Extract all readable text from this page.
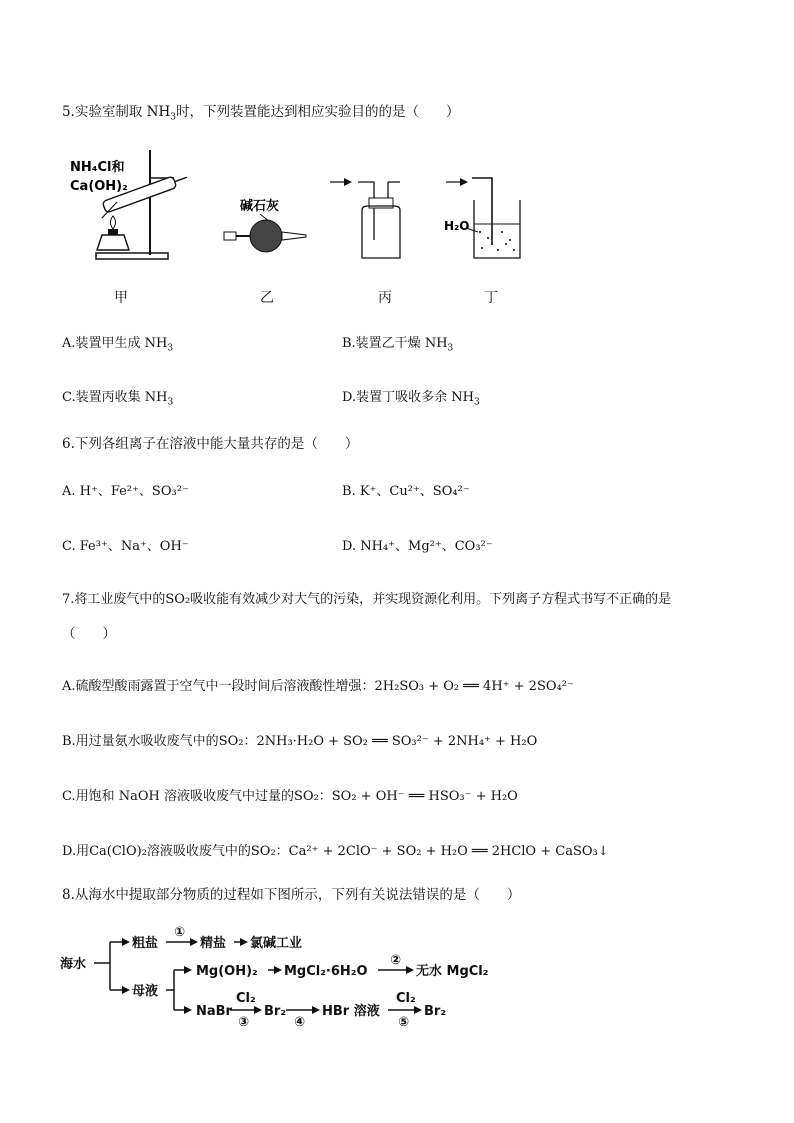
5.实验室制取 $NH_3$时，下列装置能达到相应实验目的的是（　　）
NH₄Cl和
Ca(OH)₂
碱石灰
H₂O
甲	乙	丙	丁
A.装置甲生成 $NH_3$	B.装置乙干燥 $NH_3$
C.装置丙收集 $NH_3$	D.装置丁吸收多余 $NH_3$
6.下列各组离子在溶液中能大量共存的是（　　）
A. H⁺、Fe²⁺、SO₃²⁻	B. K⁺、Cu²⁺、SO₄²⁻
C. Fe³⁺、Na⁺、OH⁻	D. NH₄⁺、Mg²⁺、CO₃²⁻
7.将工业废气中的SO₂吸收能有效减少对大气的污染，并实现资源化利用。下列离子方程式书写不正确的是
（　　）
A.硫酸型酸雨露置于空气中一段时间后溶液酸性增强：2H₂SO₃ + O₂ ══ 4H⁺ + 2SO₄²⁻
B.用过量氨水吸收废气中的SO₂：2NH₃·H₂O + SO₂ ══ SO₃²⁻ + 2NH₄⁺ + H₂O
C.用饱和 NaOH 溶液吸收废气中过量的SO₂：SO₂ + OH⁻ ══ HSO₃⁻ + H₂O
D.用Ca(ClO)₂溶液吸收废气中的SO₂：Ca²⁺ + 2ClO⁻ + SO₂ + H₂O ══ 2HClO + CaSO₃↓
8.从海水中提取部分物质的过程如下图所示，下列有关说法错误的是（　　）
海水
粗盐
①
精盐 氯碱工业
母液
Mg(OH)₂ MgCl₂·6H₂O
②
无水 MgCl₂
NaBr
Cl₂
③
Br₂
④
HBr 溶液
Cl₂
⑤
Br₂
